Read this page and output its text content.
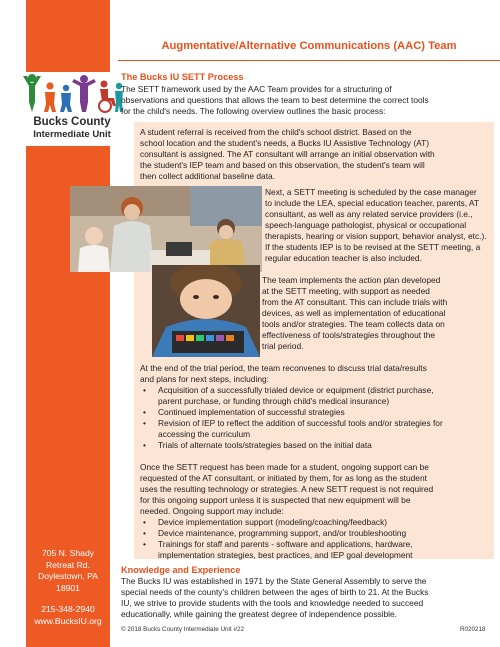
Bucks County
Intermediate Unit
705 N. Shady
Retreat Rd.
Doylestown, PA
18901
215-348-2940
www.BucksIU.org
Augmentative/Alternative Communications (AAC) Team
The Bucks IU SETT Process
The SETT framework used by the AAC Team provides for a structuring of
observations and questions that allows the team to best determine the correct tools
for the child's needs. The following overview outlines the basic process:
A student referral is received from the child's school district. Based on the
school location and the student's needs, a Bucks IU Assistive Technology (AT)
consultant is assigned. The AT consultant will arrange an initial observation with
the student's IEP team and based on this observation, the student's team will
then collect additional baseline data.
Next, a SETT meeting is scheduled by the case manager
to include the LEA, special education teacher, parents, AT
consultant, as well as any related service providers (i.e.,
speech-language pathologist, physical or occupational
therapists, hearing or vision support, behavior analyst, etc.).
If the students IEP is to be revised at the SETT meeting, a
regular education teacher is also included.
The team implements the action plan developed
at the SETT meeting, with support as needed
from the AT consultant. This can include trials with
devices, as well as implementation of educational
tools and/or strategies. The team collects data on
effectiveness of tools/strategies throughout the
trial period.
At the end of the trial period, the team reconvenes to discuss trial data/results
and plans for next steps, including:
• Acquisition of a successfully trialed device or equipment (district purchase,
parent purchase, or funding through child's medical insurance)
• Continued implementation of successful strategies
• Revision of IEP to reflect the addition of successful tools and/or strategies for
accessing the curriculum
• Trials of alternate tools/strategies based on the initial data
Once the SETT request has been made for a student, ongoing support can be
requested of the AT consultant, or initiated by them, for as long as the student
uses the resulting technology or strategies. A new SETT request is not required
for this ongoing support unless it is suspected that new equipment will be
needed. Ongoing support may include:
• Device implementation support (modeling/coaching/feedback)
• Device maintenance, programming support, and/or troubleshooting
• Trainings for staff and parents - software and applications, hardware,
implementation strategies, best practices, and IEP goal development
Knowledge and Experience
The Bucks IU was established in 1971 by the State General Assembly to serve the
special needs of the county's children between the ages of birth to 21. At the Bucks
IU, we strive to provide students with the tools and knowledge needed to succeed
educationally, while gaining the greatest degree of independence possible.
© 2018 Bucks County Intermediate Unit #22	R020218
